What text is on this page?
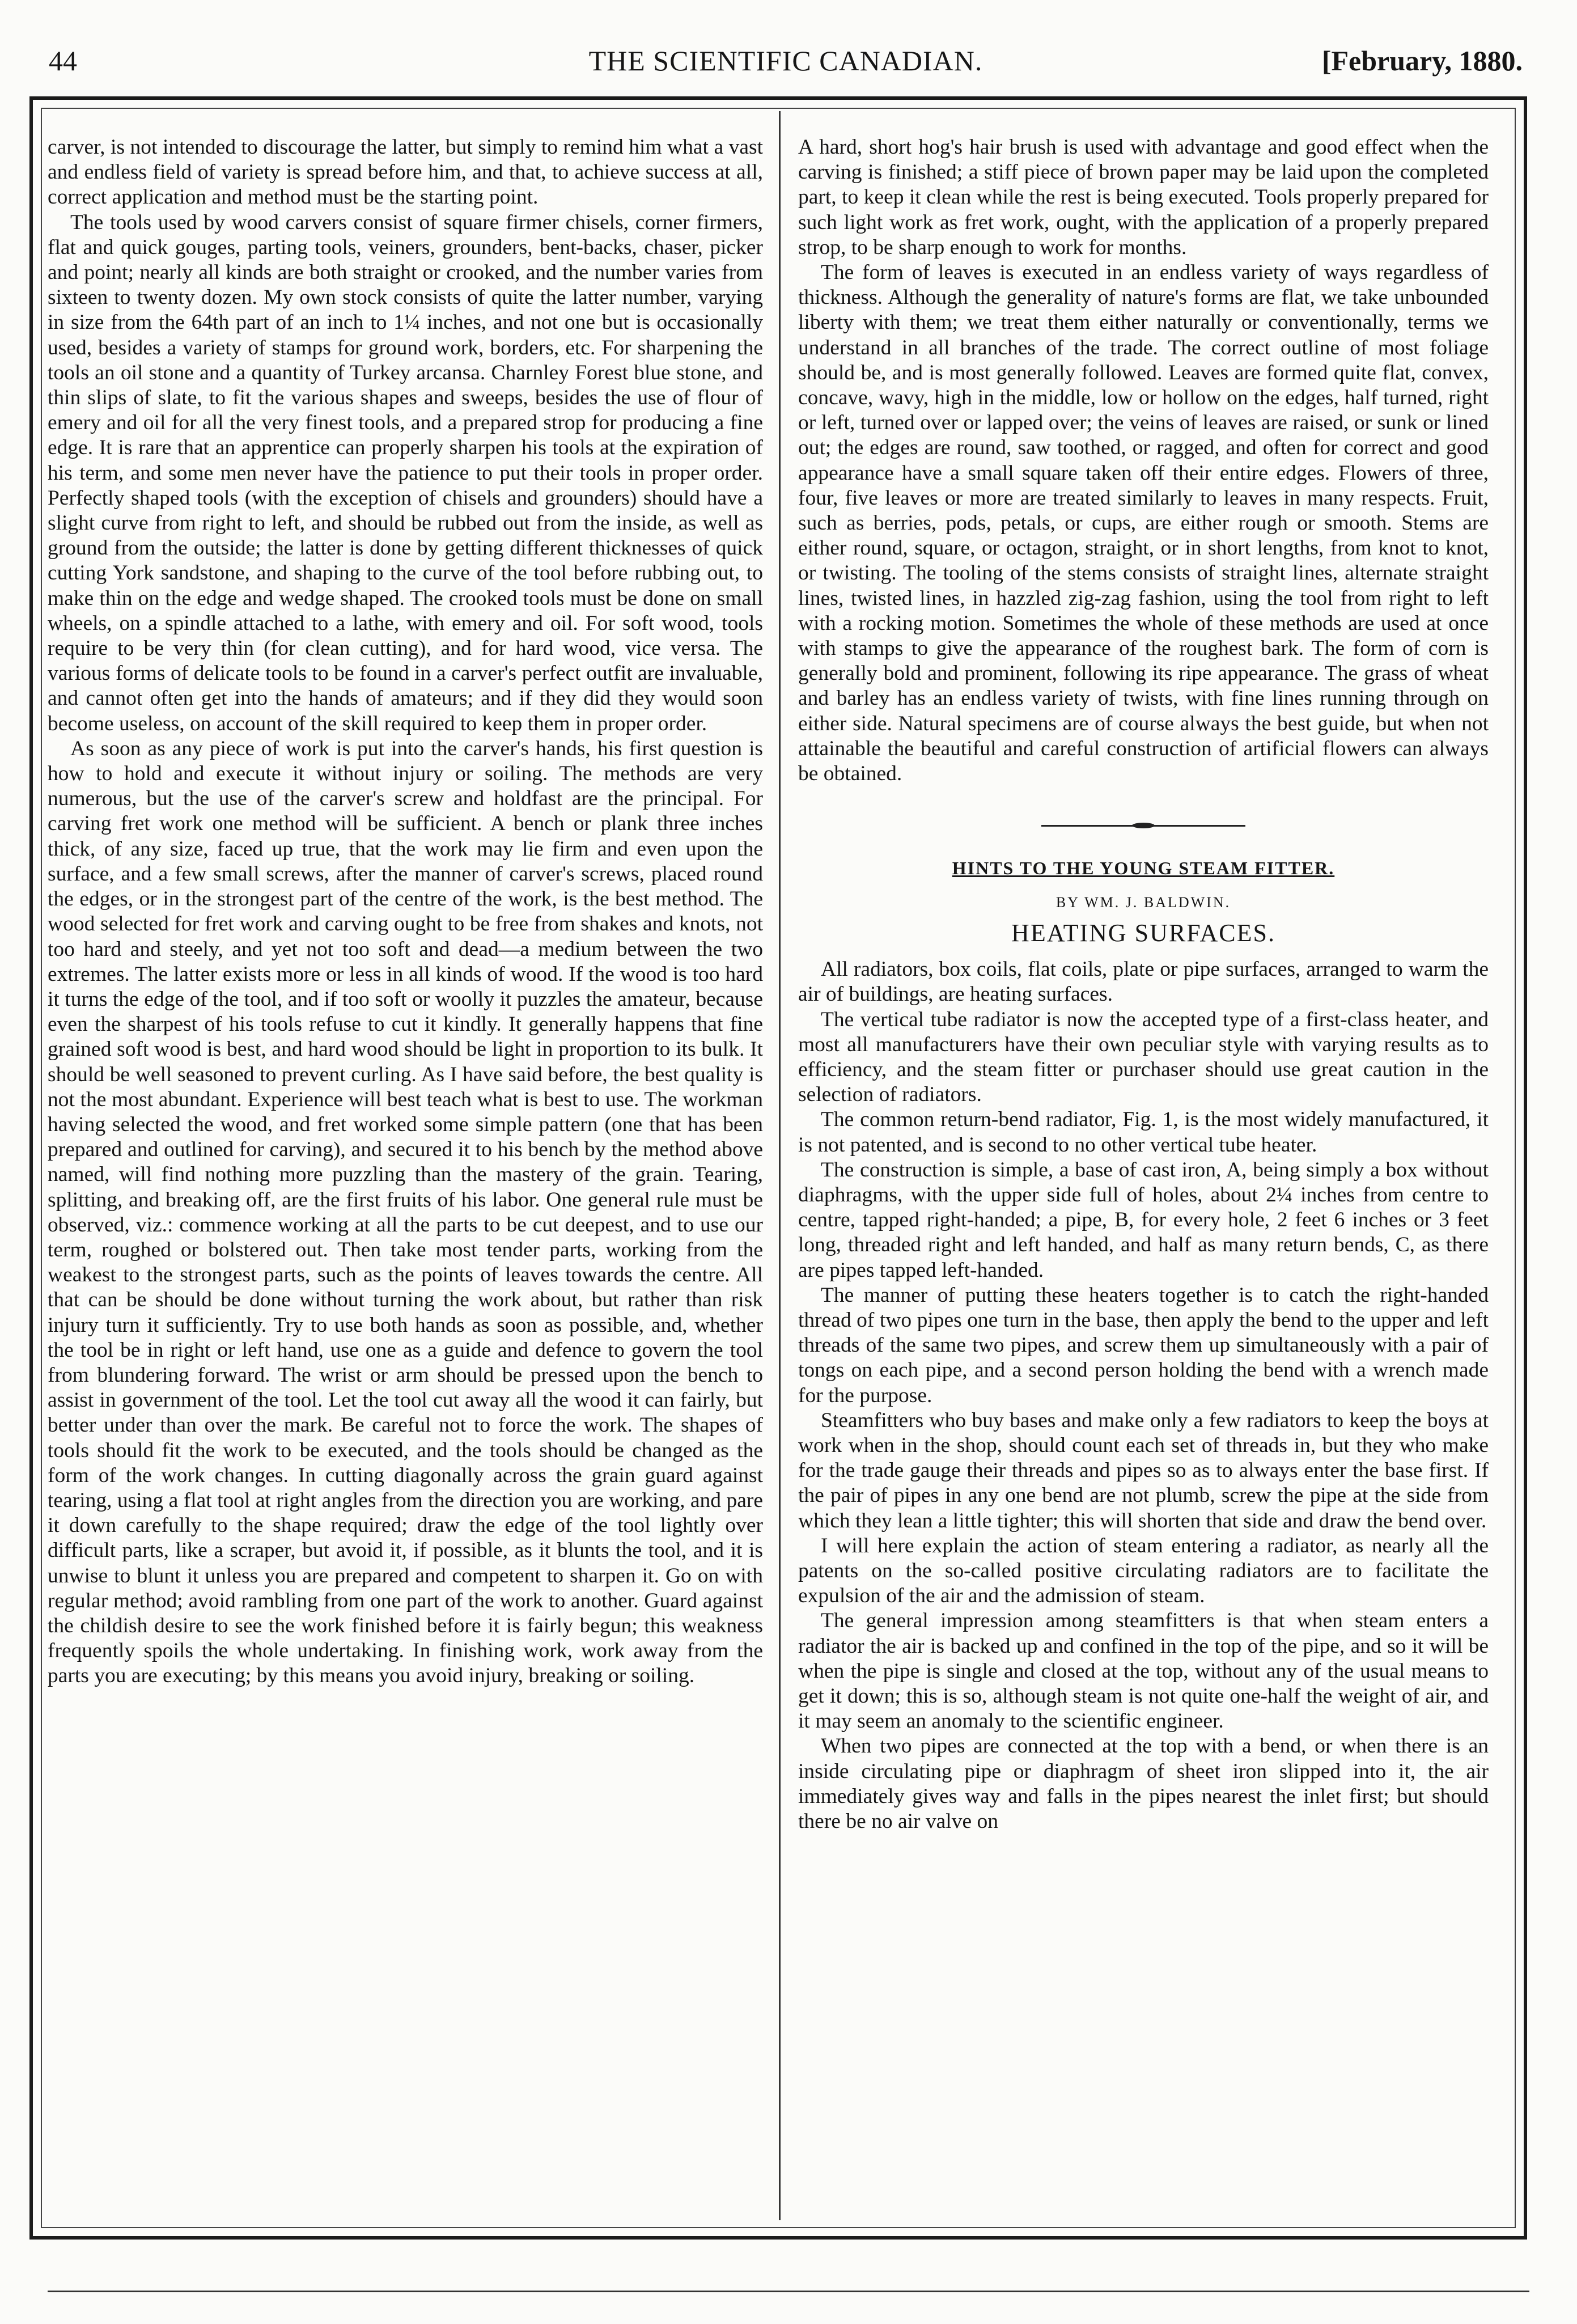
44	THE SCIENTIFIC CANADIAN.	[February, 1880.

carver, is not intended to discourage the latter, but simply to remind him what a vast and endless field of variety is spread before him, and that, to achieve success at all, correct application and method must be the starting point.

The tools used by wood carvers consist of square firmer chisels, corner firmers, flat and quick gouges, parting tools, veiners, grounders, bent-backs, chaser, picker and point; nearly all kinds are both straight or crooked, and the number varies from sixteen to twenty dozen. My own stock consists of quite the latter number, varying in size from the 64th part of an inch to 1¼ inches, and not one but is occasionally used, besides a variety of stamps for ground work, borders, etc. For sharpening the tools an oil stone and a quantity of Turkey arcansa. Charnley Forest blue stone, and thin slips of slate, to fit the various shapes and sweeps, besides the use of flour of emery and oil for all the very finest tools, and a prepared strop for producing a fine edge. It is rare that an apprentice can properly sharpen his tools at the expiration of his term, and some men never have the patience to put their tools in proper order. Perfectly shaped tools (with the exception of chisels and grounders) should have a slight curve from right to left, and should be rubbed out from the inside, as well as ground from the outside; the latter is done by getting different thicknesses of quick cutting York sandstone, and shaping to the curve of the tool before rubbing out, to make thin on the edge and wedge shaped. The crooked tools must be done on small wheels, on a spindle attached to a lathe, with emery and oil. For soft wood, tools require to be very thin (for clean cutting), and for hard wood, vice versa. The various forms of delicate tools to be found in a carver's perfect outfit are invaluable, and cannot often get into the hands of amateurs; and if they did they would soon become useless, on account of the skill required to keep them in proper order.

As soon as any piece of work is put into the carver's hands, his first question is how to hold and execute it without injury or soiling. The methods are very numerous, but the use of the carver's screw and holdfast are the principal. For carving fret work one method will be sufficient. A bench or plank three inches thick, of any size, faced up true, that the work may lie firm and even upon the surface, and a few small screws, after the manner of carver's screws, placed round the edges, or in the strongest part of the centre of the work, is the best method. The wood selected for fret work and carving ought to be free from shakes and knots, not too hard and steely, and yet not too soft and dead—a medium between the two extremes. The latter exists more or less in all kinds of wood. If the wood is too hard it turns the edge of the tool, and if too soft or woolly it puzzles the amateur, because even the sharpest of his tools refuse to cut it kindly. It generally happens that fine grained soft wood is best, and hard wood should be light in proportion to its bulk. It should be well seasoned to prevent curling. As I have said before, the best quality is not the most abundant. Experience will best teach what is best to use. The workman having selected the wood, and fret worked some simple pattern (one that has been prepared and outlined for carving), and secured it to his bench by the method above named, will find nothing more puzzling than the mastery of the grain. Tearing, splitting, and breaking off, are the first fruits of his labor. One general rule must be observed, viz.: commence working at all the parts to be cut deepest, and to use our term, roughed or bolstered out. Then take most tender parts, working from the weakest to the strongest parts, such as the points of leaves towards the centre. All that can be should be done without turning the work about, but rather than risk injury turn it sufficiently. Try to use both hands as soon as possible, and, whether the tool be in right or left hand, use one as a guide and defence to govern the tool from blundering forward. The wrist or arm should be pressed upon the bench to assist in government of the tool. Let the tool cut away all the wood it can fairly, but better under than over the mark. Be careful not to force the work. The shapes of tools should fit the work to be executed, and the tools should be changed as the form of the work changes. In cutting diagonally across the grain guard against tearing, using a flat tool at right angles from the direction you are working, and pare it down carefully to the shape required; draw the edge of the tool lightly over difficult parts, like a scraper, but avoid it, if possible, as it blunts the tool, and it is unwise to blunt it unless you are prepared and competent to sharpen it. Go on with regular method; avoid rambling from one part of the work to another. Guard against the childish desire to see the work finished before it is fairly begun; this weakness frequently spoils the whole undertaking. In finishing work, work away from the parts you are executing; by this means you avoid injury, breaking or soiling.

A hard, short hog's hair brush is used with advantage and good effect when the carving is finished; a stiff piece of brown paper may be laid upon the completed part, to keep it clean while the rest is being executed. Tools properly prepared for such light work as fret work, ought, with the application of a properly prepared strop, to be sharp enough to work for months.

The form of leaves is executed in an endless variety of ways regardless of thickness. Although the generality of nature's forms are flat, we take unbounded liberty with them; we treat them either naturally or conventionally, terms we understand in all branches of the trade. The correct outline of most foliage should be, and is most generally followed. Leaves are formed quite flat, convex, concave, wavy, high in the middle, low or hollow on the edges, half turned, right or left, turned over or lapped over; the veins of leaves are raised, or sunk or lined out; the edges are round, saw toothed, or ragged, and often for correct and good appearance have a small square taken off their entire edges. Flowers of three, four, five leaves or more are treated similarly to leaves in many respects. Fruit, such as berries, pods, petals, or cups, are either rough or smooth. Stems are either round, square, or octagon, straight, or in short lengths, from knot to knot, or twisting. The tooling of the stems consists of straight lines, alternate straight lines, twisted lines, in hazzled zig-zag fashion, using the tool from right to left with a rocking motion. Sometimes the whole of these methods are used at once with stamps to give the appearance of the roughest bark. The form of corn is generally bold and prominent, following its ripe appearance. The grass of wheat and barley has an endless variety of twists, with fine lines running through on either side. Natural specimens are of course always the best guide, but when not attainable the beautiful and careful construction of artificial flowers can always be obtained.

HINTS TO THE YOUNG STEAM FITTER.
BY WM. J. BALDWIN.
HEATING SURFACES.

All radiators, box coils, flat coils, plate or pipe surfaces, arranged to warm the air of buildings, are heating surfaces.

The vertical tube radiator is now the accepted type of a first-class heater, and most all manufacturers have their own peculiar style with varying results as to efficiency, and the steam fitter or purchaser should use great caution in the selection of radiators.

The common return-bend radiator, Fig. 1, is the most widely manufactured, it is not patented, and is second to no other vertical tube heater.

The construction is simple, a base of cast iron, A, being simply a box without diaphragms, with the upper side full of holes, about 2¼ inches from centre to centre, tapped right-handed; a pipe, B, for every hole, 2 feet 6 inches or 3 feet long, threaded right and left handed, and half as many return bends, C, as there are pipes tapped left-handed.

The manner of putting these heaters together is to catch the right-handed thread of two pipes one turn in the base, then apply the bend to the upper and left threads of the same two pipes, and screw them up simultaneously with a pair of tongs on each pipe, and a second person holding the bend with a wrench made for the purpose.

Steamfitters who buy bases and make only a few radiators to keep the boys at work when in the shop, should count each set of threads in, but they who make for the trade gauge their threads and pipes so as to always enter the base first. If the pair of pipes in any one bend are not plumb, screw the pipe at the side from which they lean a little tighter; this will shorten that side and draw the bend over.

I will here explain the action of steam entering a radiator, as nearly all the patents on the so-called positive circulating radiators are to facilitate the expulsion of the air and the admission of steam.

The general impression among steamfitters is that when steam enters a radiator the air is backed up and confined in the top of the pipe, and so it will be when the pipe is single and closed at the top, without any of the usual means to get it down; this is so, although steam is not quite one-half the weight of air, and it may seem an anomaly to the scientific engineer.

When two pipes are connected at the top with a bend, or when there is an inside circulating pipe or diaphragm of sheet iron slipped into it, the air immediately gives way and falls in the pipes nearest the inlet first; but should there be no air valve on
